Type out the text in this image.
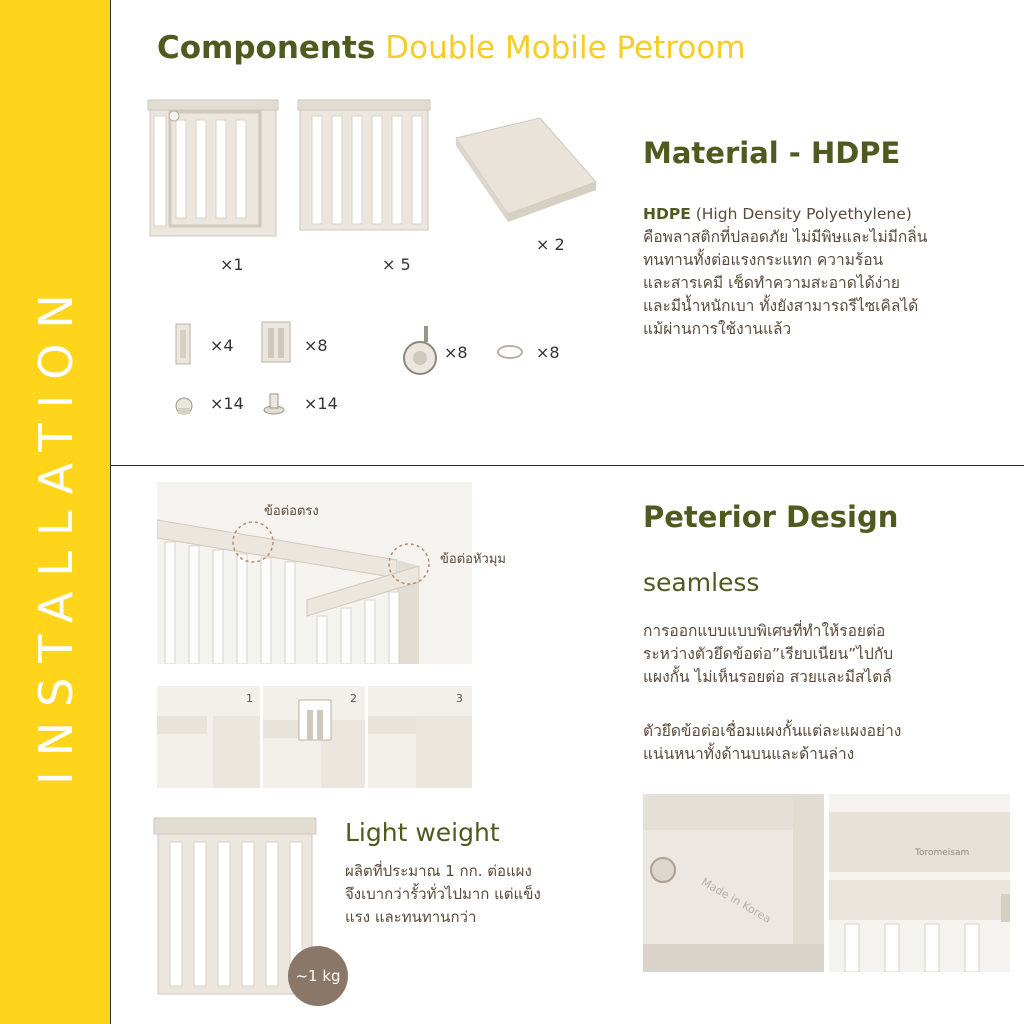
INSTALLATION
Components Double Mobile Petroom
×1	× 5
× 2
×4	×8	×8	×8
×14	×14
Material - HDPE
HDPE (High Density Polyethylene)
คือพลาสติกที่ปลอดภัย ไม่มีพิษและไม่มีกลิ่น
ทนทานทั้งต่อแรงกระแทก ความร้อน
และสารเคมี เช็ดทำความสะอาดได้ง่าย
และมีน้ำหนักเบา ทั้งยังสามารถรีไซเคิลได้
แม้ผ่านการใช้งานแล้ว
ข้อต่อตรง
ข้อต่อหัวมุม
1	2	3
~1 kg
Light weight
ผลิตที่ประมาณ 1 กก. ต่อแผง
จึงเบากว่ารั้วทั่วไปมาก แต่แข็ง
แรง และทนทานกว่า
Peterior Design
seamless
การออกแบบแบบพิเศษที่ทำให้รอยต่อ
ระหว่างตัวยึดข้อต่อ”เรียบเนียน”ไปกับ
แผงกั้น ไม่เห็นรอยต่อ สวยและมีสไตล์
ตัวยึดข้อต่อเชื่อมแผงกั้นแต่ละแผงอย่าง
แน่นหนาทั้งด้านบนและด้านล่าง
Made in Korea
Toromeisam
